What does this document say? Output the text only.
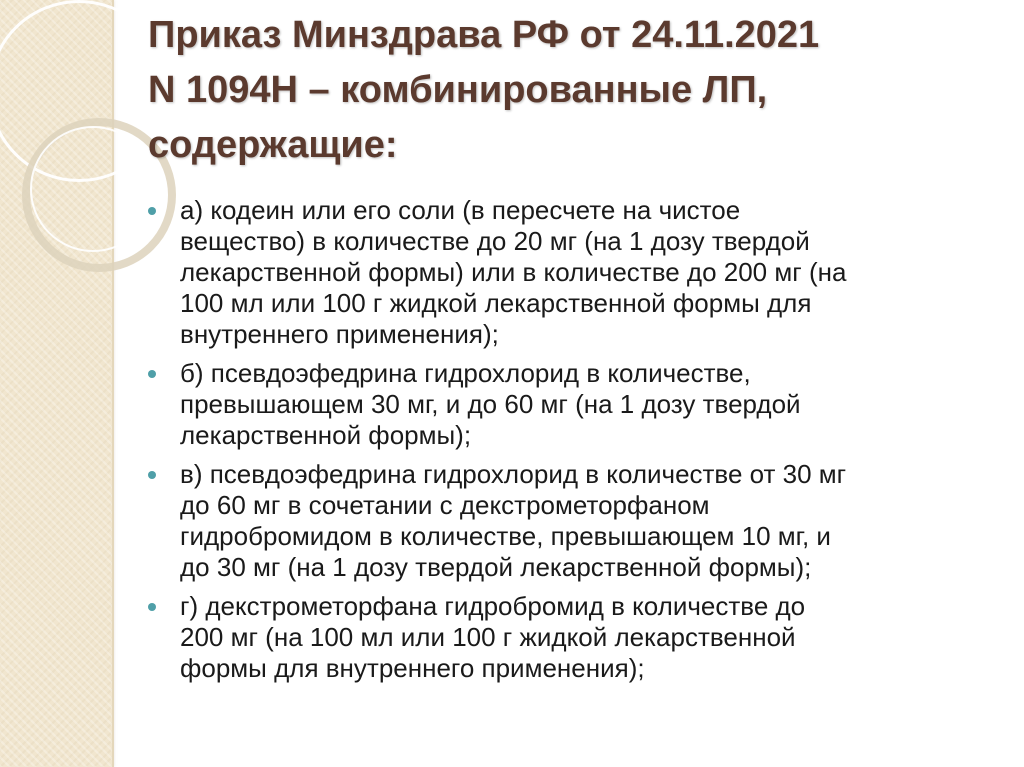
Приказ Минздрава РФ от 24.11.2021
N 1094Н – комбинированные ЛП,
содержащие:
а) кодеин или его соли (в пересчете на чистое
вещество) в количестве до 20 мг (на 1 дозу твердой
лекарственной формы) или в количестве до 200 мг (на
100 мл или 100 г жидкой лекарственной формы для
внутреннего применения);
б) псевдоэфедрина гидрохлорид в количестве,
превышающем 30 мг, и до 60 мг (на 1 дозу твердой
лекарственной формы);
в) псевдоэфедрина гидрохлорид в количестве от 30 мг
до 60 мг в сочетании с декстрометорфаном
гидробромидом в количестве, превышающем 10 мг, и
до 30 мг (на 1 дозу твердой лекарственной формы);
г) декстрометорфана гидробромид в количестве до
200 мг (на 100 мл или 100 г жидкой лекарственной
формы для внутреннего применения);
